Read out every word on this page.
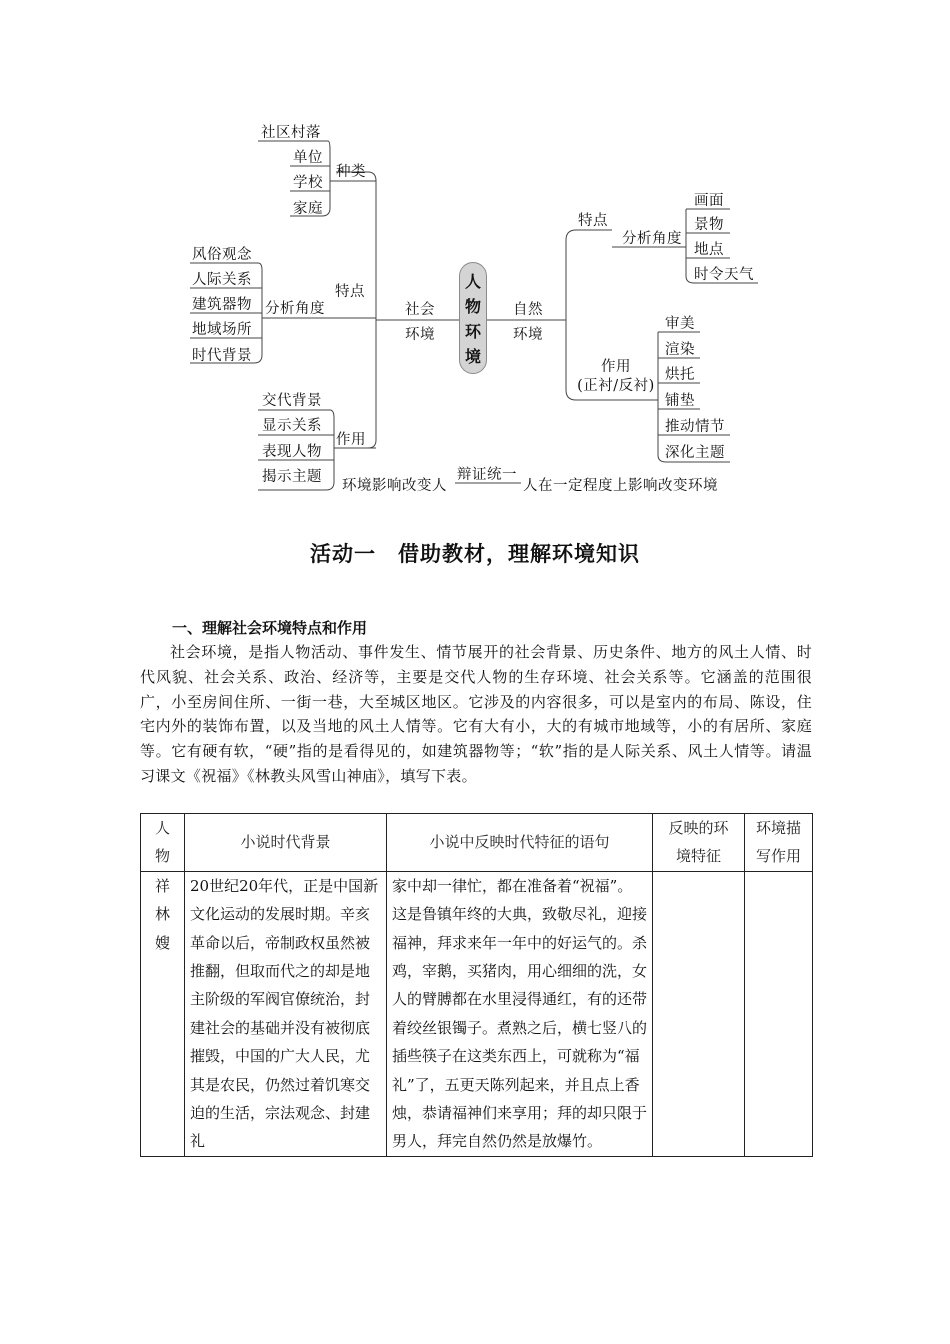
社区村落
单位
学校
家庭
种类
风俗观念
人际关系
建筑器物
地域场所
时代背景
分析角度
特点
交代背景
显示关系
表现人物
揭示主题
作用
社会环境
人
物
环
境
自然环境
特点
分析角度
画面
景物
地点
时令天气
作用
(正衬/反衬)
审美
渲染
烘托
铺垫
推动情节
深化主题
环境影响改变人
辩证统一
人在一定程度上影响改变环境
活动一　借助教材，理解环境知识
一、理解社会环境特点和作用
社会环境，是指人物活动、事件发生、情节展开的社会背景、历史条件、地方的风土人情、时代风貌、社会关系、政治、经济等，主要是交代人物的生存环境、社会关系等。它涵盖的范围很广，小至房间住所、一街一巷，大至城区地区。它涉及的内容很多，可以是室内的布局、陈设，住宅内外的装饰布置，以及当地的风土人情等。它有大有小，大的有城市地域等，小的有居所、家庭等。它有硬有软，“硬”指的是看得见的，如建筑器物等；“软”指的是人际关系、风土人情等。请温习课文《祝福》《林教头风雪山神庙》，填写下表。
人物	小说时代背景	小说中反映时代特征的语句	反映的环境特征	环境描写作用
祥林嫂	20世纪20年代，正是中国新文化运动的发展时期。辛亥革命以后，帝制政权虽然被推翻，但取而代之的却是地主阶级的军阀官僚统治，封建社会的基础并没有被彻底摧毁，中国的广大人民，尤其是农民，仍然过着饥寒交迫的生活，宗法观念、封建礼	家中却一律忙，都在准备着“祝福”。这是鲁镇年终的大典，致敬尽礼，迎接福神，拜求来年一年中的好运气的。杀鸡，宰鹅，买猪肉，用心细细的洗，女人的臂膊都在水里浸得通红，有的还带着绞丝银镯子。煮熟之后，横七竖八的插些筷子在这类东西上，可就称为“福礼”了，五更天陈列起来，并且点上香烛，恭请福神们来享用；拜的却只限于男人，拜完自然仍然是放爆竹。		
